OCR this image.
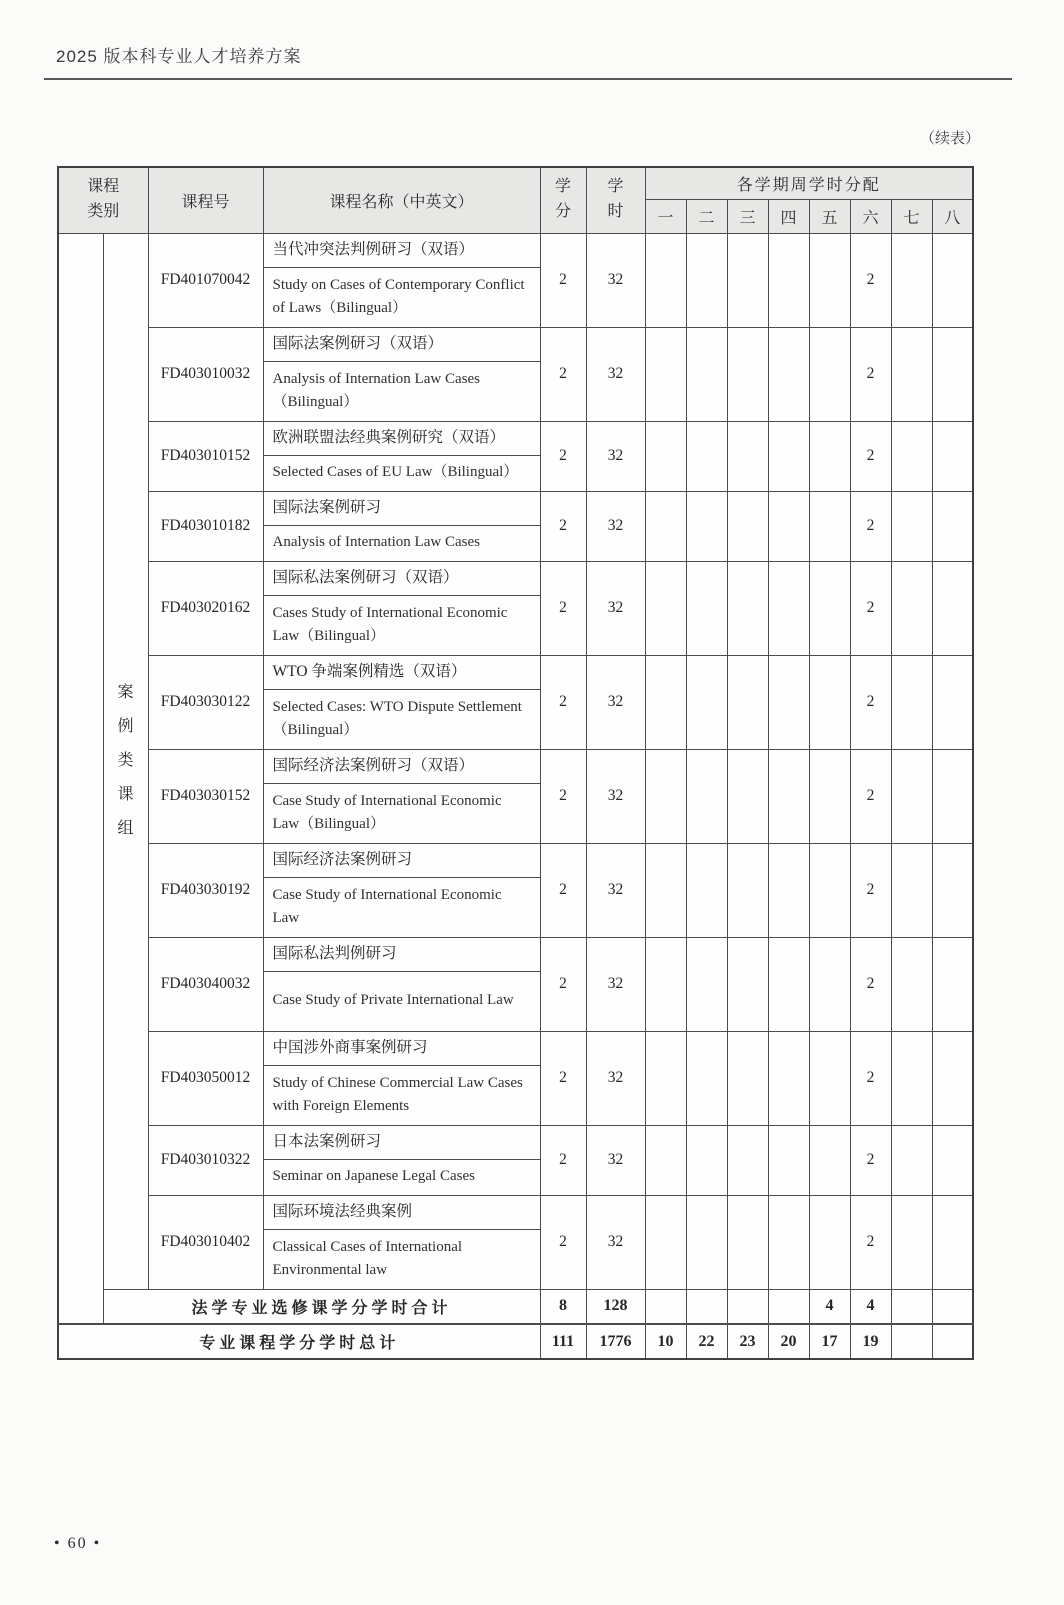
2025 版本科专业人才培养方案
（续表）
课程类别		课程号	课程名称（中英文）	学分	学时	各学期周学时分配							
						一	二	三	四	五	六	七	八
	案例类课组	FD401070042	当代冲突法判例研习（双语）	2	32						2		
			Study on Cases of Contemporary Conflict of Laws（Bilingual）										
		FD403010032	国际法案例研习（双语）	2	32						2		
			Analysis of Internation Law Cases（Bilingual）										
		FD403010152	欧洲联盟法经典案例研究（双语）	2	32						2		
			Selected Cases of EU Law（Bilingual）										
		FD403010182	国际法案例研习	2	32						2		
			Analysis of Internation Law Cases										
		FD403020162	国际私法案例研习（双语）	2	32						2		
			Cases Study of International Economic Law（Bilingual）										
		FD403030122	WTO 争端案例精选（双语）	2	32						2		
			Selected Cases: WTO Dispute Settlement（Bilingual）										
		FD403030152	国际经济法案例研习（双语）	2	32						2		
			Case Study of International Economic Law（Bilingual）										
		FD403030192	国际经济法案例研习	2	32						2		
			Case Study of International Economic Law										
		FD403040032	国际私法判例研习	2	32						2		
			Case Study of Private International Law										
		FD403050012	中国涉外商事案例研习	2	32						2		
			Study of Chinese Commercial Law Cases with Foreign Elements										
		FD403010322	日本法案例研习	2	32						2		
			Seminar on Japanese Legal Cases										
		FD403010402	国际环境法经典案例	2	32						2		
			Classical Cases of International Environmental law										
	法学专业选修课学分学时合计			8	128					4	4		
专业课程学分学时总计				111	1776	10	22	23	20	17	19		
• 60 •
